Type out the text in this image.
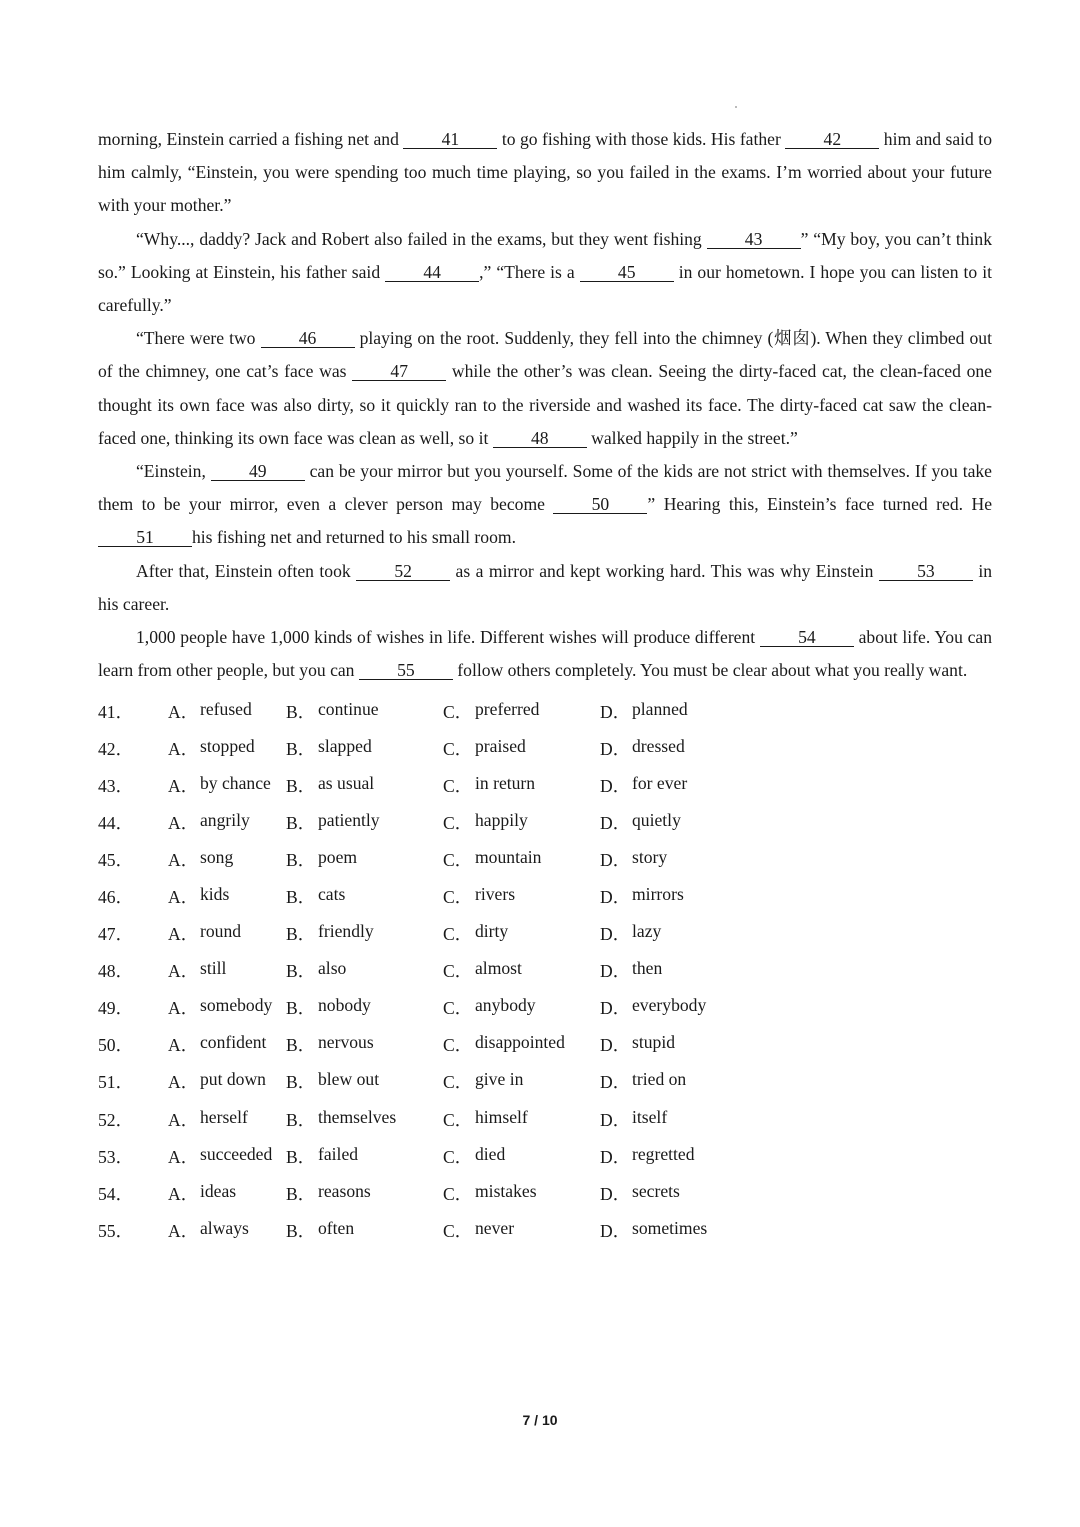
morning, Einstein carried a fishing net and 41 to go fishing with those kids. His father 42 him and said to him calmly, “Einstein, you were spending too much time playing, so you failed in the exams. I’m worried about your future with your mother.”

“Why..., daddy? Jack and Robert also failed in the exams, but they went fishing 43 ” “My boy, you can’t think so.” Looking at Einstein, his father said 44 ,” “There is a 45 in our hometown. I hope you can listen to it carefully.”

“There were two 46 playing on the root. Suddenly, they fell into the chimney (烟囱). When they climbed out of the chimney, one cat’s face was 47 while the other’s was clean. Seeing the dirty-faced cat, the clean-faced one thought its own face was also dirty, so it quickly ran to the riverside and washed its face. The dirty-faced cat saw the clean-faced one, thinking its own face was clean as well, so it 48 walked happily in the street.”

“Einstein, 49 can be your mirror but you yourself. Some of the kids are not strict with themselves. If you take them to be your mirror, even a clever person may become 50 ” Hearing this, Einstein’s face turned red. He 51 his fishing net and returned to his small room.

After that, Einstein often took 52 as a mirror and kept working hard. This was why Einstein 53 in his career.

1,000 people have 1,000 kinds of wishes in life. Different wishes will produce different 54 about life. You can learn from other people, but you can 55 follow others completely. You must be clear about what you really want.

41．	A． refused B． continue	C． preferred	D． planned
42．	A． stopped B． slapped	C． praised	D． dressed
43．	A． by chance B． as usual	C． in return	D． for ever
44．	A． angrily B． patiently	C． happily	D． quietly
45．	A． song	B． poem	C． mountain	D． story
46．	A． kids	B． cats	C． rivers	D． mirrors
47．	A． round	B． friendly	C． dirty	D． lazy
48．	A． still	B． also	C． almost	D． then
49．	A． somebody B． nobody	C． anybody	D． everybody
50．	A． confident B． nervous	C． disappointed D． stupid
51．	A． put down B． blew out	C． give in	D． tried on
52．	A． herself B． themselves	C． himself	D． itself
53．	A． succeeded B． failed	C． died	D． regretted
54．	A． ideas	B． reasons	C． mistakes	D． secrets
55．	A． always B． often	C． never	D． sometimes
7 / 10
